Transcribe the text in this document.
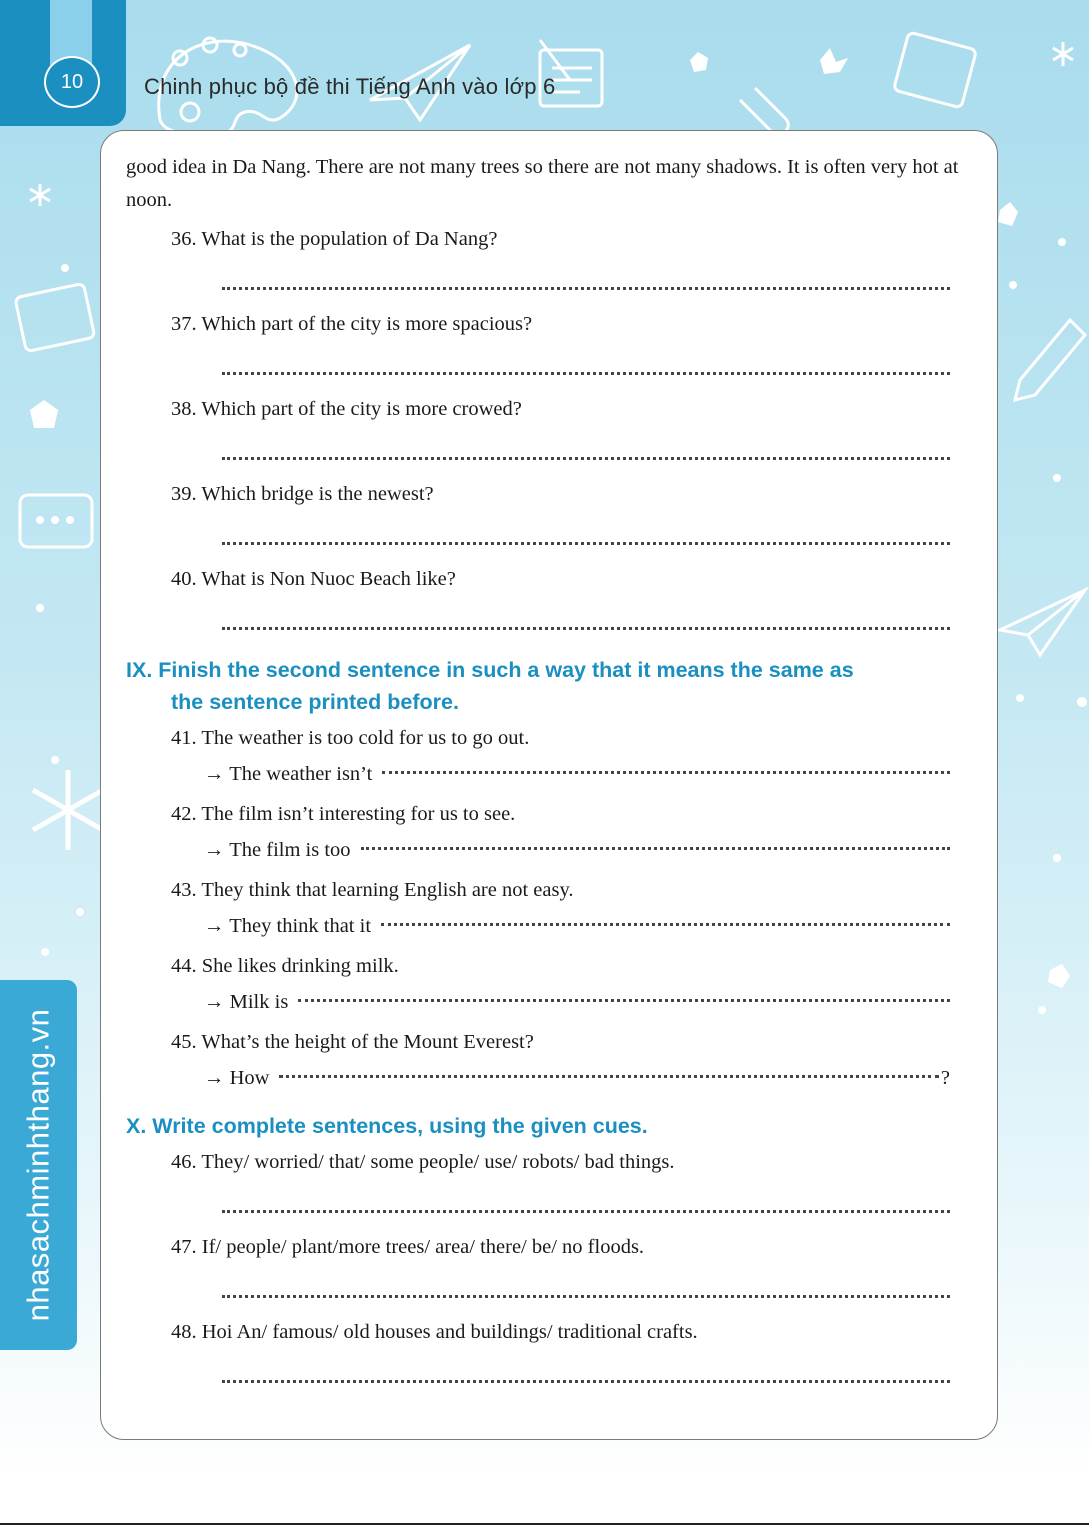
10	Chinh phục bộ đề thi Tiếng Anh vào lớp 6
nhasachminhthang.vn

good idea in Da Nang. There are not many trees so there are not many shadows. It is often very hot at noon.

36. What is the population of Da Nang?
37. Which part of the city is more spacious?
38. Which part of the city is more crowed?
39. Which bridge is the newest?
40. What is Non Nuoc Beach like?
IX. Finish the second sentence in such a way that it means the same as
the sentence printed before.
41. The weather is too cold for us to go out.
→ The weather isn’t
42. The film isn’t interesting for us to see.
→ The film is too
43. They think that learning English are not easy.
→ They think that it
44. She likes drinking milk.
→ Milk is
45. What’s the height of the Mount Everest?
→ How	?
X. Write complete sentences, using the given cues.
46. They/ worried/ that/ some people/ use/ robots/ bad things.
47. If/ people/ plant/more trees/ area/ there/ be/ no floods.
48. Hoi An/ famous/ old houses and buildings/ traditional crafts.
